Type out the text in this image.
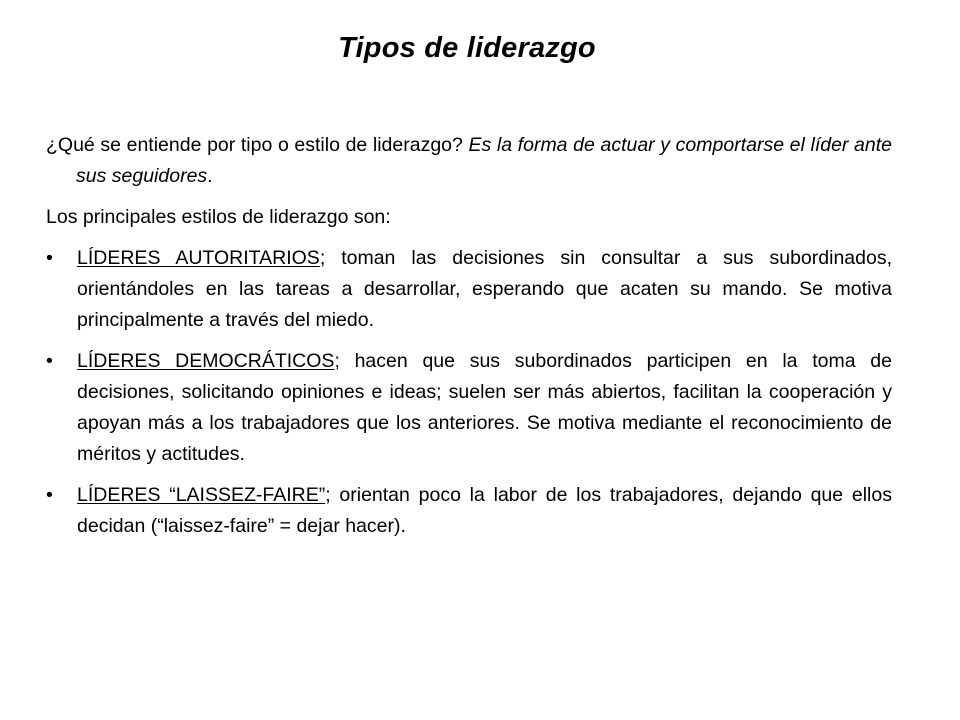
Tipos de liderazgo

¿Qué se entiende por tipo o estilo de liderazgo? Es la forma de actuar y comportarse el líder ante sus seguidores.

Los principales estilos de liderazgo son:

•	LÍDERES AUTORITARIOS; toman las decisiones sin consultar a sus subordinados, orientándoles en las tareas a desarrollar, esperando que acaten su mando. Se motiva principalmente a través del miedo.
•	LÍDERES DEMOCRÁTICOS; hacen que sus subordinados participen en la toma de decisiones, solicitando opiniones e ideas; suelen ser más abiertos, facilitan la cooperación y apoyan más a los trabajadores que los anteriores. Se motiva mediante el reconocimiento de méritos y actitudes.
•	LÍDERES “LAISSEZ-FAIRE”; orientan poco la labor de los trabajadores, dejando que ellos decidan (“laissez-faire” = dejar hacer).
